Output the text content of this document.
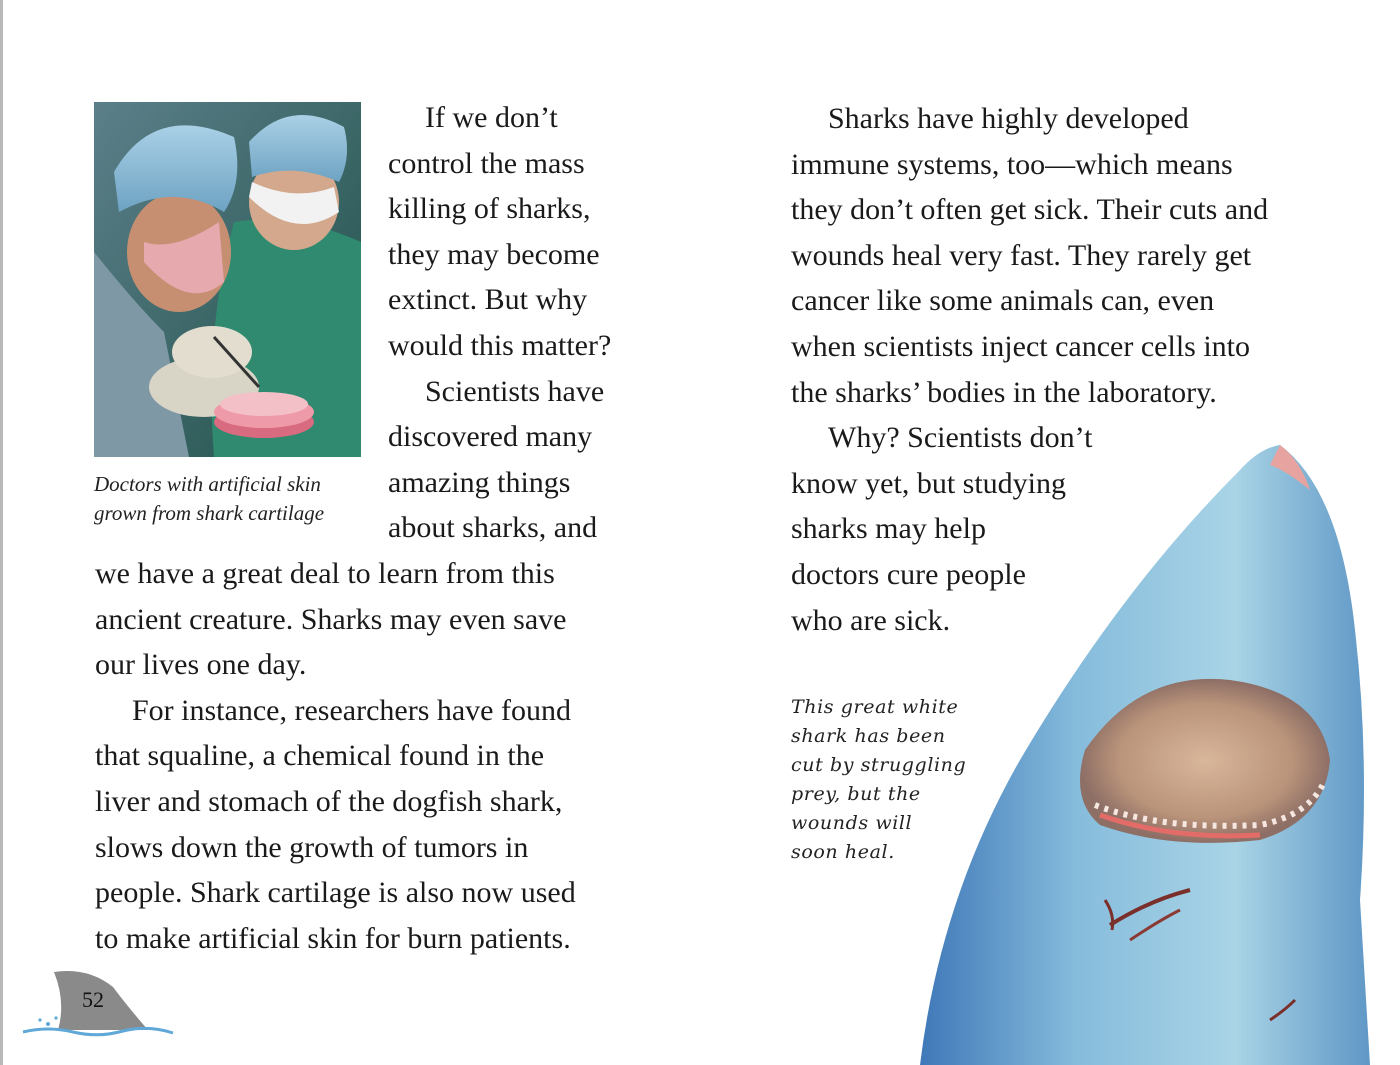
Doctors with artificial skin
grown from shark cartilage
If we don’t
control the mass
killing of sharks,
they may become
extinct. But why
would this matter?
Scientists have
discovered many
amazing things
about sharks, and
we have a great deal to learn from this
ancient creature. Sharks may even save
our lives one day.
For instance, researchers have found
that squaline, a chemical found in the
liver and stomach of the dogfish shark,
slows down the growth of tumors in
people. Shark cartilage is also now used
to make artificial skin for burn patients.
52
Sharks have highly developed
immune systems, too—which means
they don’t often get sick. Their cuts and
wounds heal very fast. They rarely get
cancer like some animals can, even
when scientists inject cancer cells into
the sharks’ bodies in the laboratory.
Why? Scientists don’t
know yet, but studying
sharks may help
doctors cure people
who are sick.
This great white
shark has been
cut by struggling
prey, but the
wounds will
soon heal.
